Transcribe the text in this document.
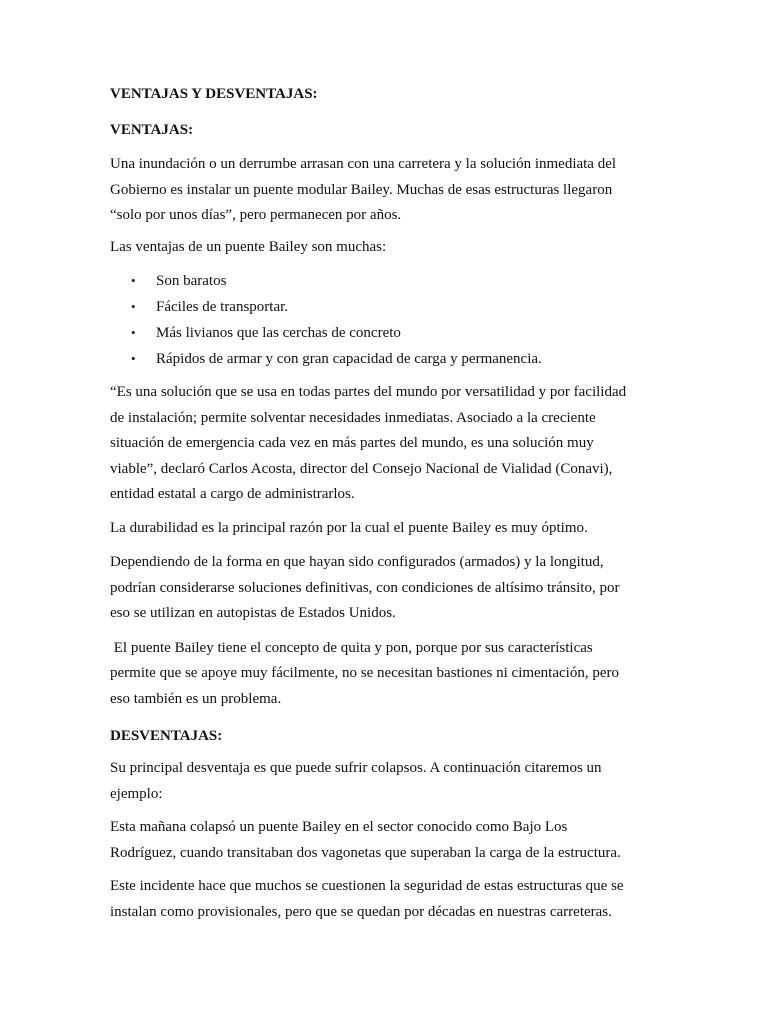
VENTAJAS Y DESVENTAJAS:

VENTAJAS:

Una inundación o un derrumbe arrasan con una carretera y la solución inmediata del

Gobierno es instalar un puente modular Bailey. Muchas de esas estructuras llegaron

“solo por unos días”, pero permanecen por años.

Las ventajas de un puente Bailey son muchas:

• Son baratos
• Fáciles de transportar.
• Más livianos que las cerchas de concreto
• Rápidos de armar y con gran capacidad de carga y permanencia.

“Es una solución que se usa en todas partes del mundo por versatilidad y por facilidad

de instalación; permite solventar necesidades inmediatas. Asociado a la creciente

situación de emergencia cada vez en más partes del mundo, es una solución muy

viable”, declaró Carlos Acosta, director del Consejo Nacional de Vialidad (Conavi),

entidad estatal a cargo de administrarlos.

La durabilidad es la principal razón por la cual el puente Bailey es muy óptimo.

Dependiendo de la forma en que hayan sido configurados (armados) y la longitud,

podrían considerarse soluciones definitivas, con condiciones de altísimo tránsito, por

eso se utilizan en autopistas de Estados Unidos.

El puente Bailey tiene el concepto de quita y pon, porque por sus características

permite que se apoye muy fácilmente, no se necesitan bastiones ni cimentación, pero

eso también es un problema.

DESVENTAJAS:

Su principal desventaja es que puede sufrir colapsos. A continuación citaremos un

ejemplo:

Esta mañana colapsó un puente Bailey en el sector conocido como Bajo Los

Rodríguez, cuando transitaban dos vagonetas que superaban la carga de la estructura.

Este incidente hace que muchos se cuestionen la seguridad de estas estructuras que se

instalan como provisionales, pero que se quedan por décadas en nuestras carreteras.
